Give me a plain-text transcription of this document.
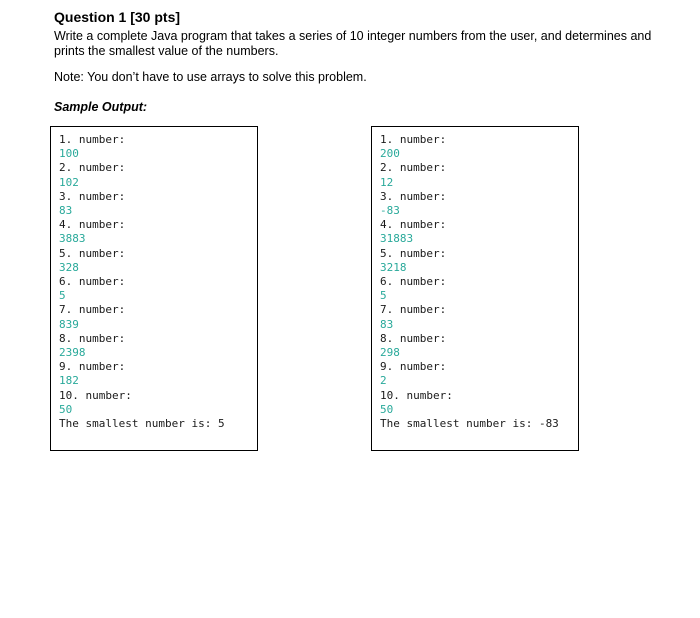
Question 1 [30 pts]

Write a complete Java program that takes a series of 10 integer numbers from the user, and determines and prints the smallest value of the numbers.

Note: You don’t have to use arrays to solve this problem.

Sample Output:

1. number:
100
2. number:
102
3. number:
83
4. number:
3883
5. number:
328
6. number:
5
7. number:
839
8. number:
2398
9. number:
182
10. number:
50
The smallest number is: 5
1. number:
200
2. number:
12
3. number:
-83
4. number:
31883
5. number:
3218
6. number:
5
7. number:
83
8. number:
298
9. number:
2
10. number:
50
The smallest number is: -83
